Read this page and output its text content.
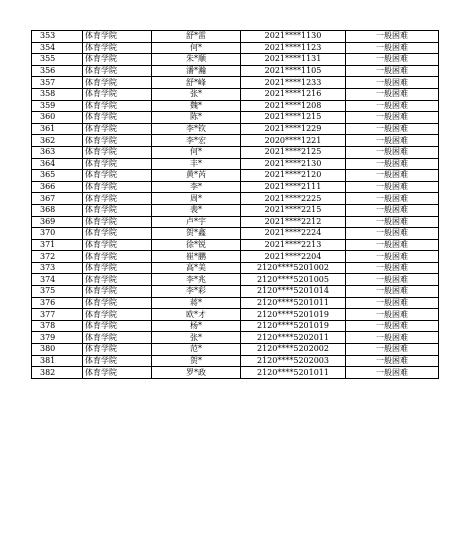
353	体育学院	舒*雷	2021****1130	一般困难
354	体育学院	何*	2021****1123	一般困难
355	体育学院	朱*顺	2021****1131	一般困难
356	体育学院	潘*瀚	2021****1105	一般困难
357	体育学院	舒*峰	2021****1233	一般困难
358	体育学院	张*	2021****1216	一般困难
359	体育学院	魏*	2021****1208	一般困难
360	体育学院	陈*	2021****1215	一般困难
361	体育学院	李*钦	2021****1229	一般困难
362	体育学院	李*宏	2020****1221	一般困难
363	体育学院	何*	2021****2125	一般困难
364	体育学院	丰*	2021****2130	一般困难
365	体育学院	黄*芮	2021****2120	一般困难
366	体育学院	李*	2021****2111	一般困难
367	体育学院	周*	2021****2225	一般困难
368	体育学院	裴*	2021****2215	一般困难
369	体育学院	卢*宇	2021****2212	一般困难
370	体育学院	贺*鑫	2021****2224	一般困难
371	体育学院	徐*锐	2021****2213	一般困难
372	体育学院	崔*鹏	2021****2204	一般困难
373	体育学院	高*美	2120****5201002	一般困难
374	体育学院	李*兆	2120****5201005	一般困难
375	体育学院	李*彩	2120****5201014	一般困难
376	体育学院	蒋*	2120****5201011	一般困难
377	体育学院	欧*才	2120****5201019	一般困难
378	体育学院	杨*	2120****5201019	一般困难
379	体育学院	张*	2120****5202011	一般困难
380	体育学院	范*	2120****5202002	一般困难
381	体育学院	贺*	2120****5202003	一般困难
382	体育学院	罗*政	2120****5201011	一般困难
